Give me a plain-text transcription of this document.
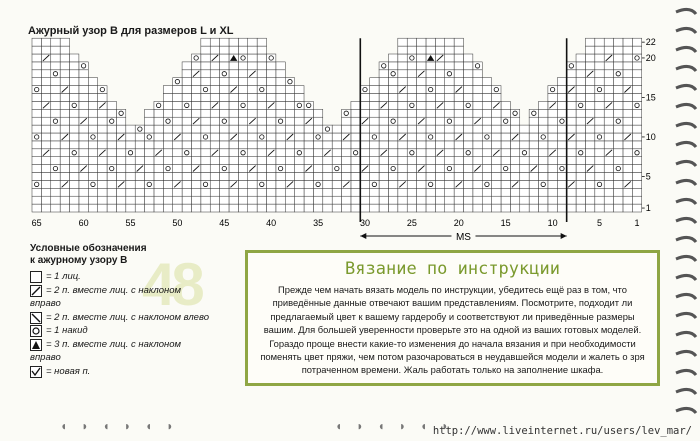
Ажурный узор В для размеров L и XL
65	60	55	50	45	40	35	30	25	20	15	10	5	1
1
5
10
15
20
22
MS
Условные обозначения
к ажурному узору В 48
= 1 лиц.
= 2 п. вместе лиц. с наклоном
вправо
= 2 п. вместе лиц. с наклоном влево
= 1 накид
= 3 п. вместе лиц. с наклоном
вправо
= новая п.
Вязание по инструкции

Прежде чем начать вязать модель по инструкции, убедитесь ещё раз в том, что приведённые данные отвечают вашим представлениям. Посмотрите, подходит ли предлагаемый цвет к вашему гардеробу и соответствуют ли приведённые размеры вашим. Для большей уверенности проверьте это на одной из ваших готовых моделей. Гораздо проще внести какие-то изменения до начала вязания и при необходимости поменять цвет пряжи, чем потом разочароваться в неудавшейся модели и жалеть о зря потраченном времени. Жаль работать только на заполнение шкафа.

◖◗◖◗◖◗	◖◗◖◗◖◗
http://www.liveinternet.ru/users/lev_mar/
